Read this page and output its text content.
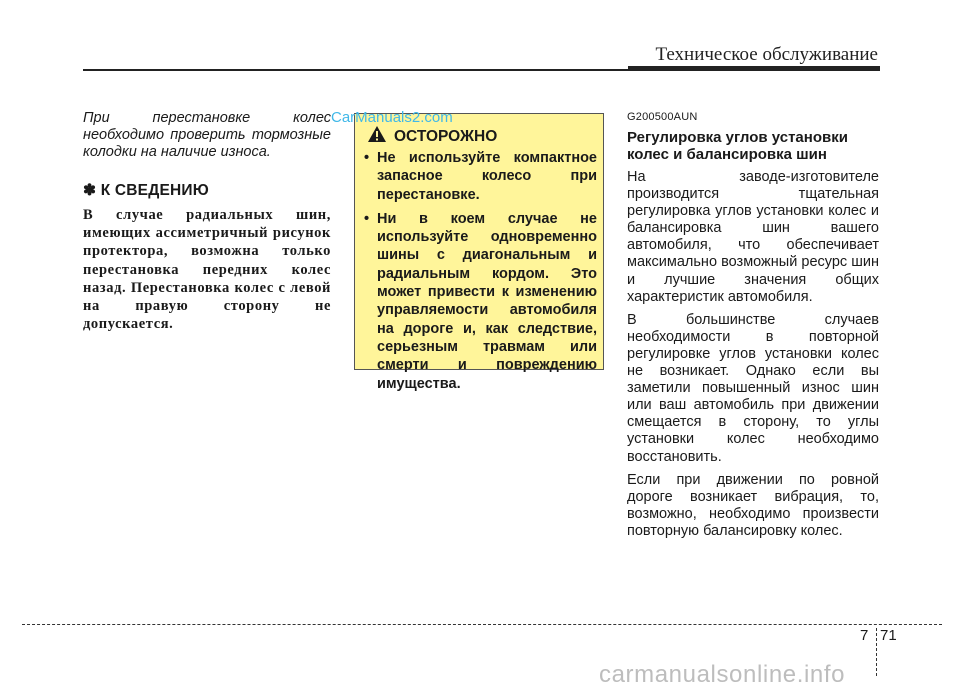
Техническое обслуживание

При перестановке колес
необходимо проверить тормозные колодки на наличие износа.

✽ К СВЕДЕНИЮ
В случае радиальных шин, имеющих ассиметричный рисунок протектора, возможна только перестановка передних колес назад. Перестановка колес с левой на правую сторону не допускается.
ОСТОРОЖНО
• Не используйте компактное запасное колесо при перестановке.
• Ни в коем случае не используйте одновременно шины с диагональным и радиальным кордом. Это может привести к изменению управляемости автомобиля на дороге и, как следствие, серьезным травмам или смерти и повреждению имущества.
CarManuals2.com	G200500AUN
Регулировка углов установки колес и балансировка шин

На заводе-изготовителе производится тщательная регулировка углов установки колес и балансировка шин вашего автомобиля, что обеспечивает максимально возможный ресурс шин и лучшие значения общих характеристик автомобиля.

В большинстве случаев необходимости в повторной регулировке углов установки колес не возникает. Однако если вы заметили повышенный износ шин или ваш автомобиль при движении смещается в сторону, то углы установки колес необходимо восстановить.

Если при движении по ровной дороге возникает вибрация, то, возможно, необходимо произвести повторную балансировку колес.

7 71
carmanualsonline.info
